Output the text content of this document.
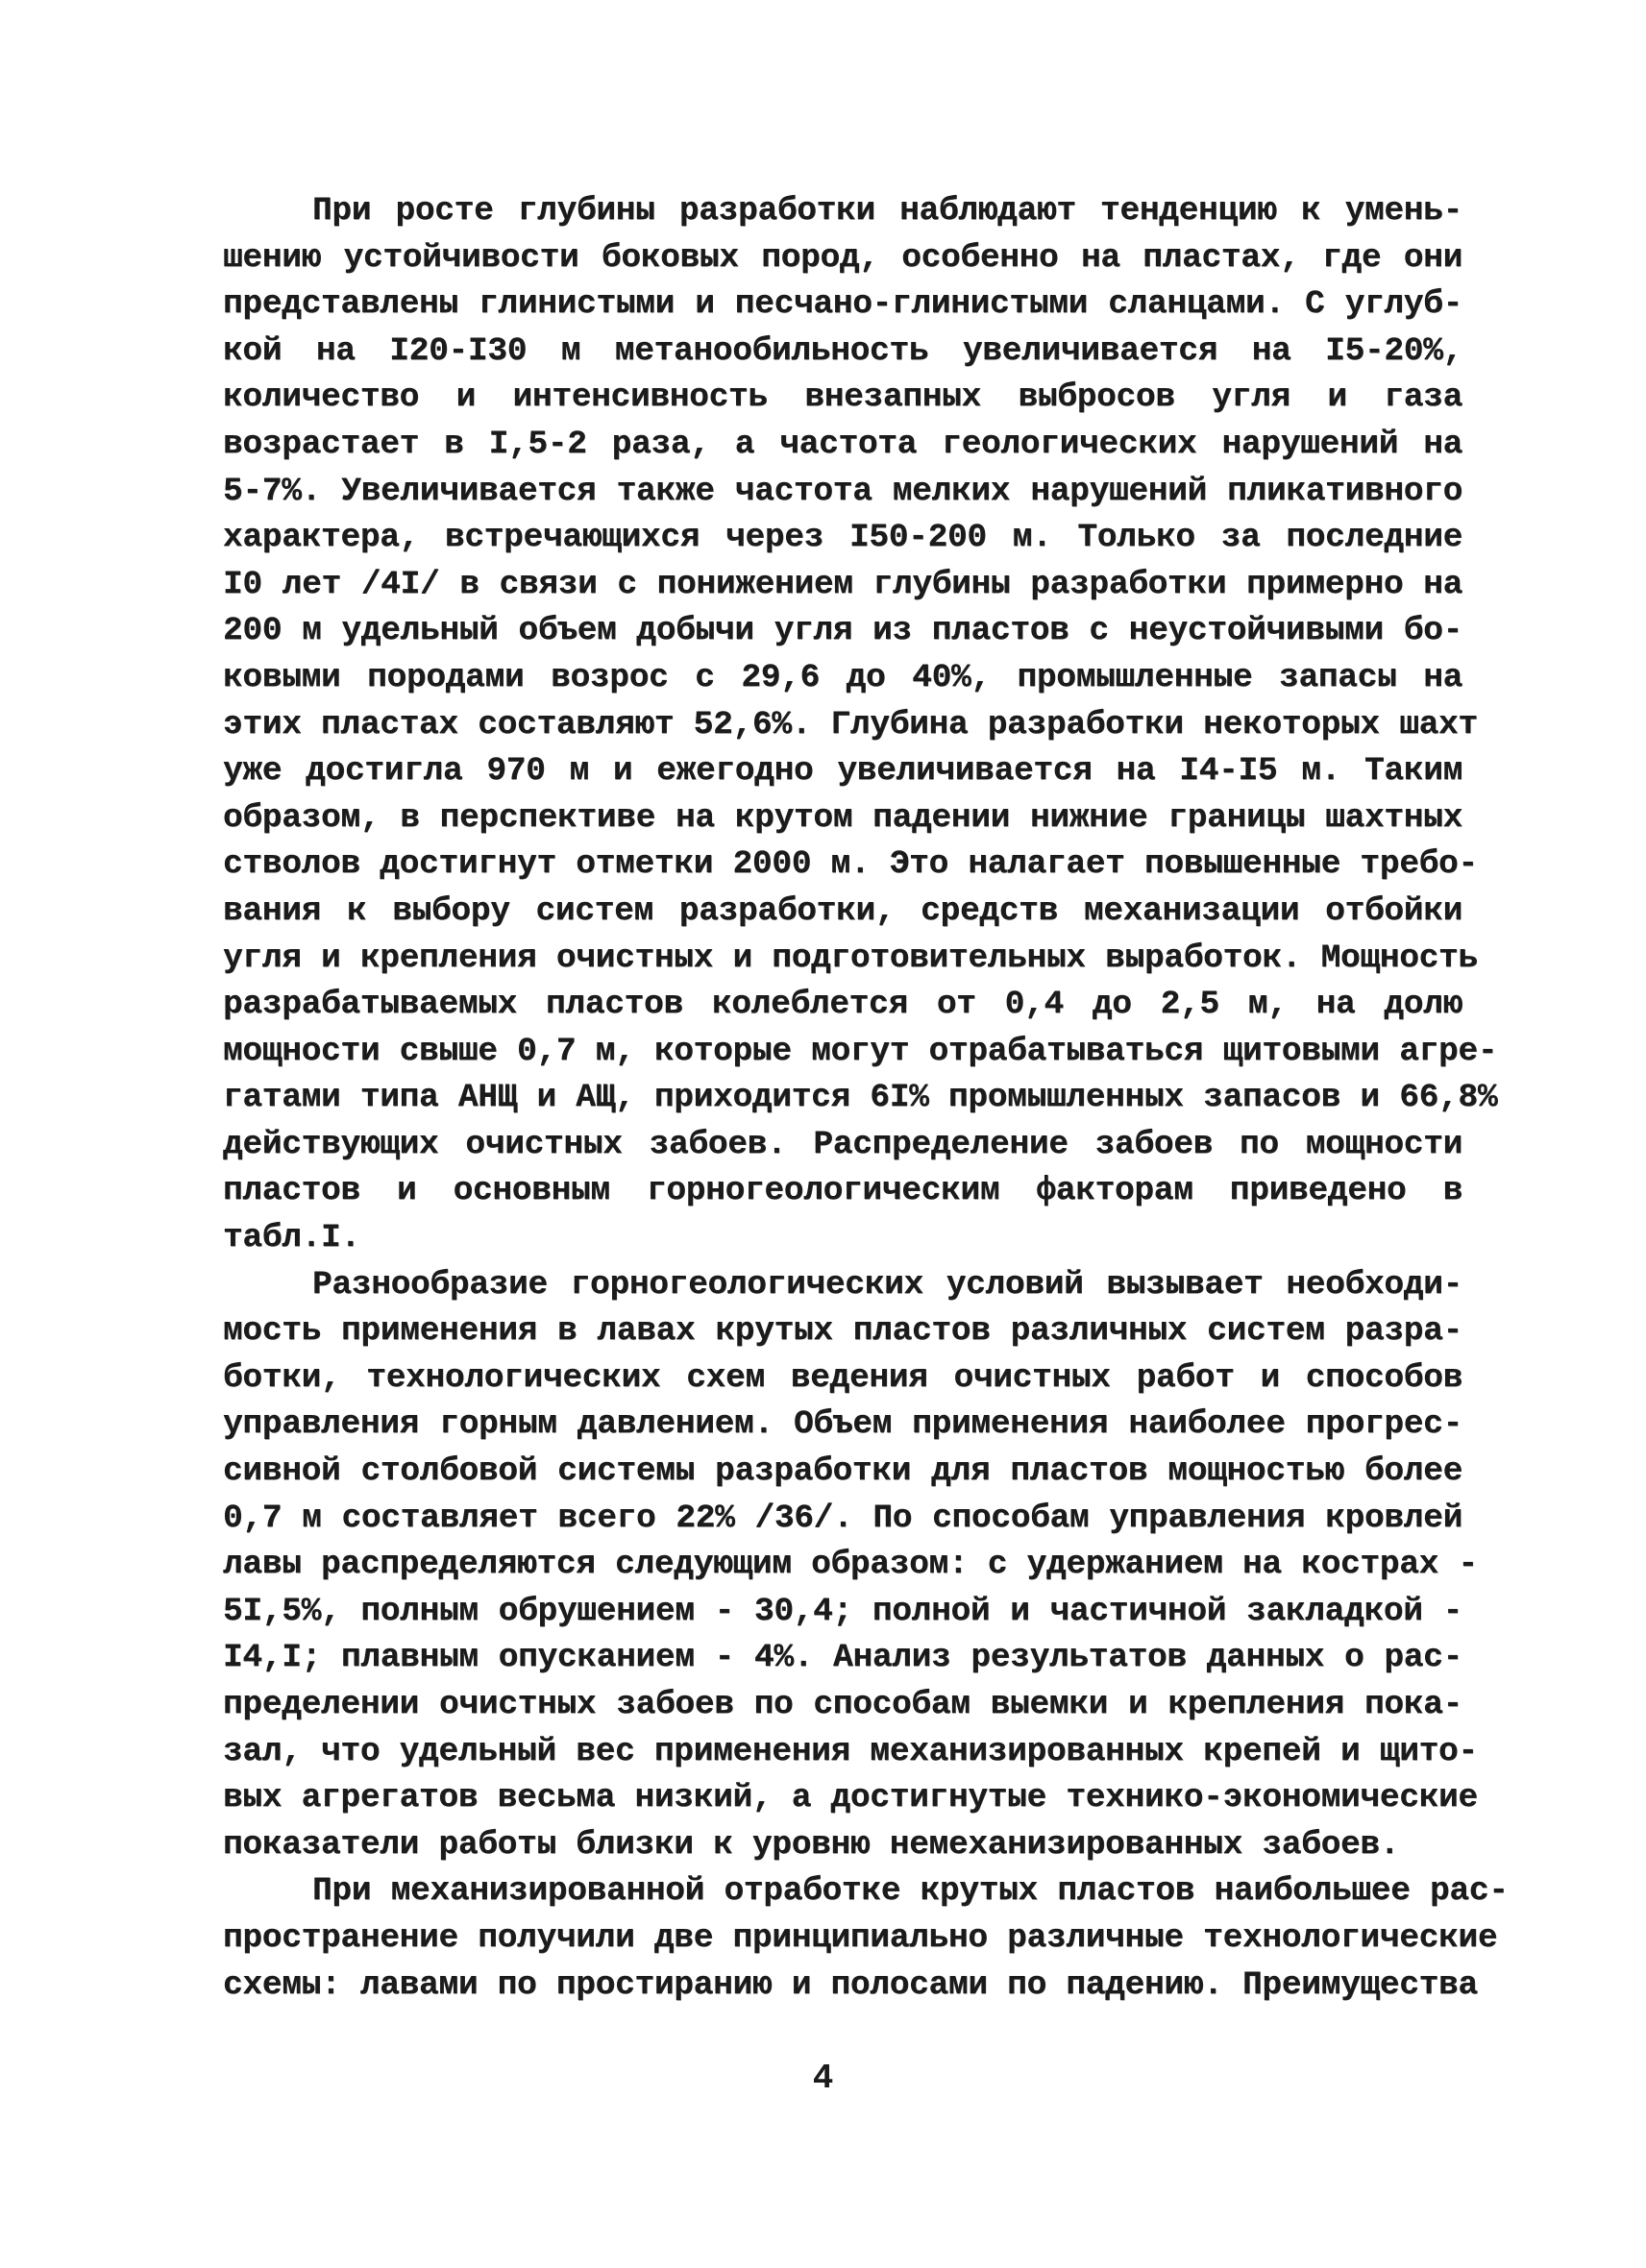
При росте глубины разработки наблюдают тенденцию к умень-
шению устойчивости боковых пород, особенно на пластах, где они
представлены глинистыми и песчано-глинистыми сланцами. С углуб-
кой на I20-I30 м метанообильность увеличивается на I5-20%,
количество и интенсивность внезапных выбросов угля и газа
возрастает в I,5-2 раза, а частота геологических нарушений на
5-7%. Увеличивается также частота мелких нарушений пликативного
характера, встречающихся через I50-200 м. Только за последние
I0 лет /4I/ в связи с понижением глубины разработки примерно на
200 м удельный объем добычи угля из пластов с неустойчивыми бо-
ковыми породами возрос с 29,6 до 40%, промышленные запасы на
этих пластах составляют 52,6%. Глубина разработки некоторых шахт
уже достигла 970 м и ежегодно увеличивается на I4-I5 м. Таким
образом, в перспективе на крутом падении нижние границы шахтных
стволов достигнут отметки 2000 м. Это налагает повышенные требо-
вания к выбору систем разработки, средств механизации отбойки
угля и крепления очистных и подготовительных выработок. Мощность
разрабатываемых пластов колеблется от 0,4 до 2,5 м, на долю
мощности свыше 0,7 м, которые могут отрабатываться щитовыми агре-
гатами типа АНЩ и АЩ, приходится 6I% промышленных запасов и 66,8%
действующих очистных забоев. Распределение забоев по мощности
пластов и основным горногеологическим факторам приведено в
табл.I.
Разнообразие горногеологических условий вызывает необходи-
мость применения в лавах крутых пластов различных систем разра-
ботки, технологических схем ведения очистных работ и способов
управления горным давлением. Объем применения наиболее прогрес-
сивной столбовой системы разработки для пластов мощностью более
0,7 м составляет всего 22% /36/. По способам управления кровлей
лавы распределяются следующим образом: с удержанием на кострах -
5I,5%, полным обрушением - 30,4; полной и частичной закладкой -
I4,I; плавным опусканием - 4%. Анализ результатов данных о рас-
пределении очистных забоев по способам выемки и крепления пока-
зал, что удельный вес применения механизированных крепей и щито-
вых агрегатов весьма низкий, а достигнутые технико-экономические
показатели работы близки к уровню немеханизированных забоев.
При механизированной отработке крутых пластов наибольшее рас-
пространение получили две принципиально различные технологические
схемы: лавами по простиранию и полосами по падению. Преимущества
4
